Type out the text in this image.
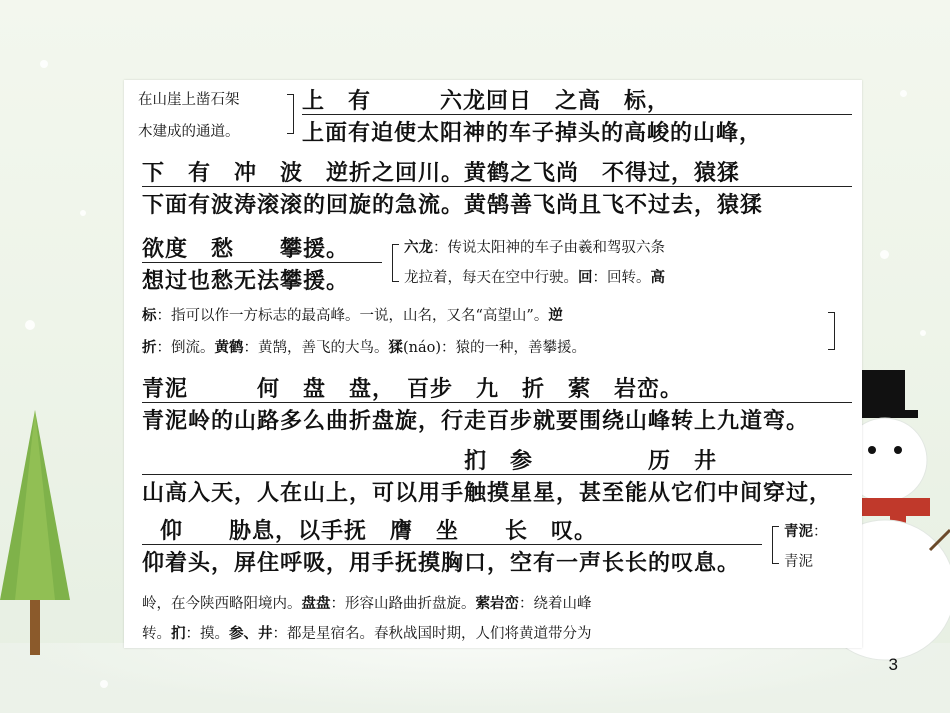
在山崖上凿石架
木建成的通道。
上　有　　　六龙回日　之高　标，
上面有迫使太阳神的车子掉头的高峻的山峰，
下　有　冲　波　逆折之回川。黄鹤之飞尚　不得过，猿猱
下面有波涛滚滚的回旋的急流。黄鹄善飞尚且飞不过去，猿猱
欲度　愁　　攀援。
想过也愁无法攀援。
六龙：传说太阳神的车子由羲和驾驭六条
龙拉着，每天在空中行驶。回：回转。高
标：指可以作一方标志的最高峰。一说，山名，又名“高望山”。逆
折：倒流。黄鹤：黄鹄，善飞的大鸟。猱(náo)：猿的一种，善攀援。
青泥　　　何　盘　盘，　百步　九　折　萦　岩峦。
青泥岭的山路多么曲折盘旋，行走百步就要围绕山峰转上九道弯。
扪　参　　　　　历　井
山高入天，人在山上，可以用手触摸星星，甚至能从它们中间穿过，
仰　　胁息，以手抚　膺　坐　　长　叹。
仰着头，屏住呼吸，用手抚摸胸口，空有一声长长的叹息。
青泥：
青泥
岭，在今陕西略阳境内。盘盘：形容山路曲折盘旋。萦岩峦：绕着山峰
转。扪：摸。参、井：都是星宿名。春秋战国时期，人们将黄道带分为
3
